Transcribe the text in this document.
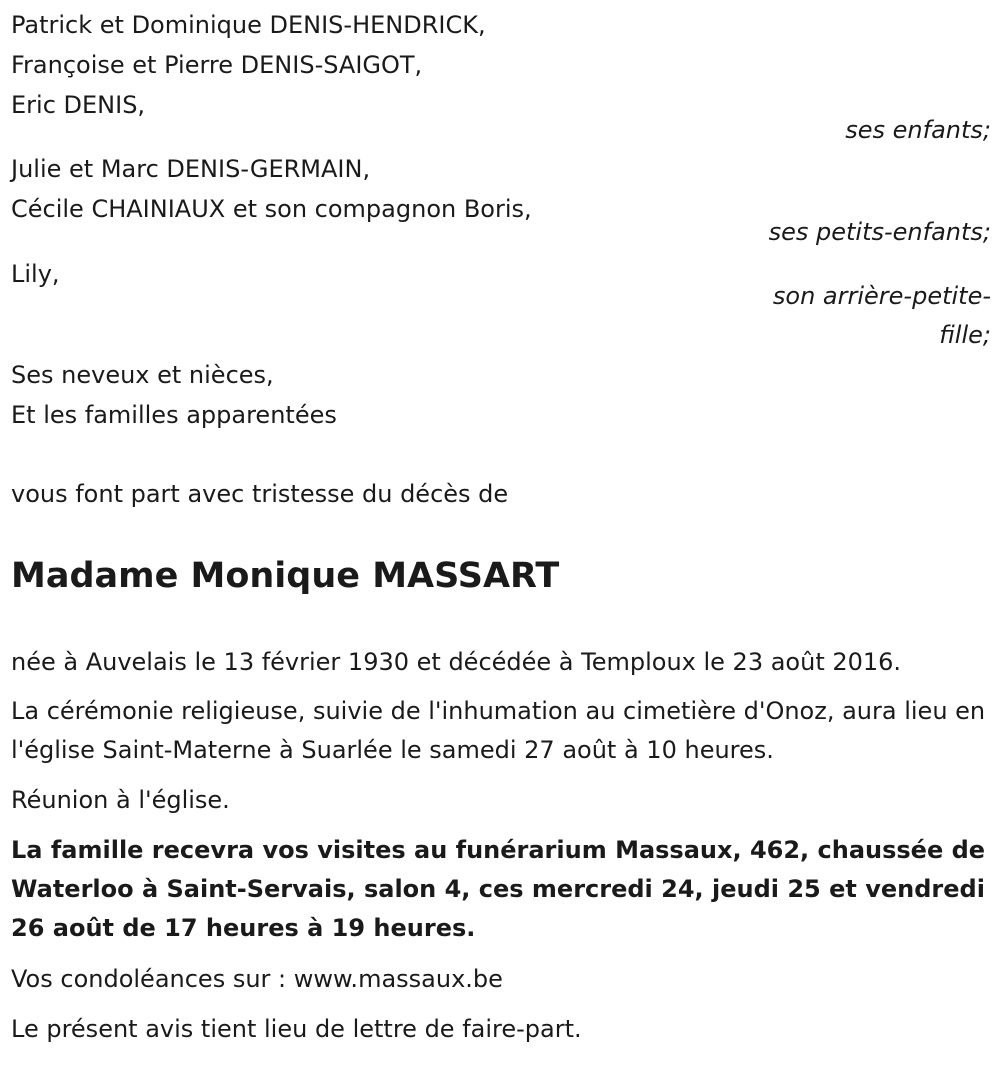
Patrick et Dominique DENIS-HENDRICK,
Françoise et Pierre DENIS-SAIGOT,
Eric DENIS,
ses enfants;
Julie et Marc DENIS-GERMAIN,
Cécile CHAINIAUX et son compagnon Boris,
ses petits-enfants;
Lily,
son arrière-petite-
fille;
Ses neveux et nièces,
Et les familles apparentées
vous font part avec tristesse du décès de
Madame Monique MASSART
née à Auvelais le 13 février 1930 et décédée à Temploux le 23 août 2016.
La cérémonie religieuse, suivie de l'inhumation au cimetière d'Onoz, aura lieu en l'église Saint-Materne à Suarlée le samedi 27 août à 10 heures.
Réunion à l'église.
La famille recevra vos visites au funérarium Massaux, 462, chaussée de Waterloo à Saint-Servais, salon 4, ces mercredi 24, jeudi 25 et vendredi 26 août de 17 heures à 19 heures.
Vos condoléances sur : www.massaux.be
Le présent avis tient lieu de lettre de faire-part.
